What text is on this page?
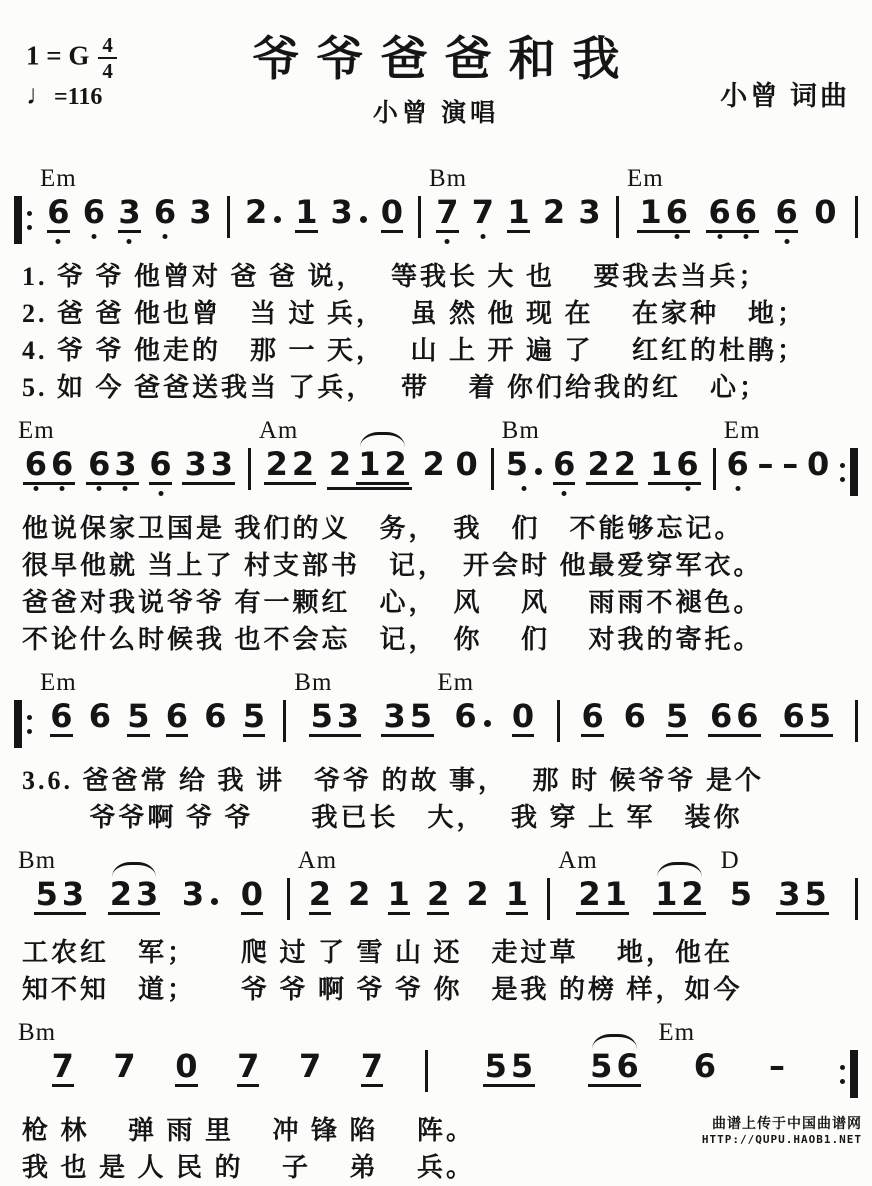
1 = G $\frac{4}{4}$
♩=116
爷爷爸爸和我
小曾 演唱
小曾 词曲
Em
6 6 3 6 3 2 1 3 0
Bm
7 7 1 2 3
Em
1 6 6 6 6 0
1. 爷 爷 他曾对 爸 爸 说，　 等我长 大 也　 要我去当兵；
2. 爸 爸 他也曾　当 过 兵，　 虽 然 他 现 在　 在家种　地；
4. 爷 爷 他走的　那 一 天，　 山 上 开 遍 了　 红红的杜鹃；
5. 如 今 爸爸送我当 了兵，　 带　 着 你们给我的红　心；
Em
6 6 6 3 6 3 3
Am
2 2 2 1 2 2 0
Bm
5 6 2 2 1 6
Em
6 – – 0
他说保家卫国是 我们的义　务，　我　们　不能够忘记。
很早他就 当上了 村支部书　记，　开会时 他最爱穿军衣。
爸爸对我说爷爷 有一颗红　心，　风　 风　 雨雨不褪色。
不论什么时候我 也不会忘　记，　你　 们　 对我的寄托。
Em
6 6 5 6 6 5
Bm	Em
5 3 3 5 6	0 6 6 5 6 6 6 5
3.6. 爸爸常 给 我 讲　爷爷 的故 事，　 那 时 候爷爷 是个
　　 爷爷啊 爷 爷　　我已长　大，　 我 穿 上 军　装你
Bm
5 3 2 3 3	0
Am
2 2 1 2 2 1
Am	D
2 1 1 2 5 3 5
工农红　军；　　爬 过 了 雪 山 还　走过草　 地，他在
知不知　道；　　爷 爷 啊 爷 爷 你　是我 的榜 样，如今
Bm
7 7 0 7 7 7
Em
5 5 5 6 6 –
枪 林　 弹 雨 里　 冲 锋 陷　 阵。
我 也 是 人 民 的　 子　 弟　 兵。
曲谱上传于中国曲谱网
HTTP://QUPU.HAOB1.NET
